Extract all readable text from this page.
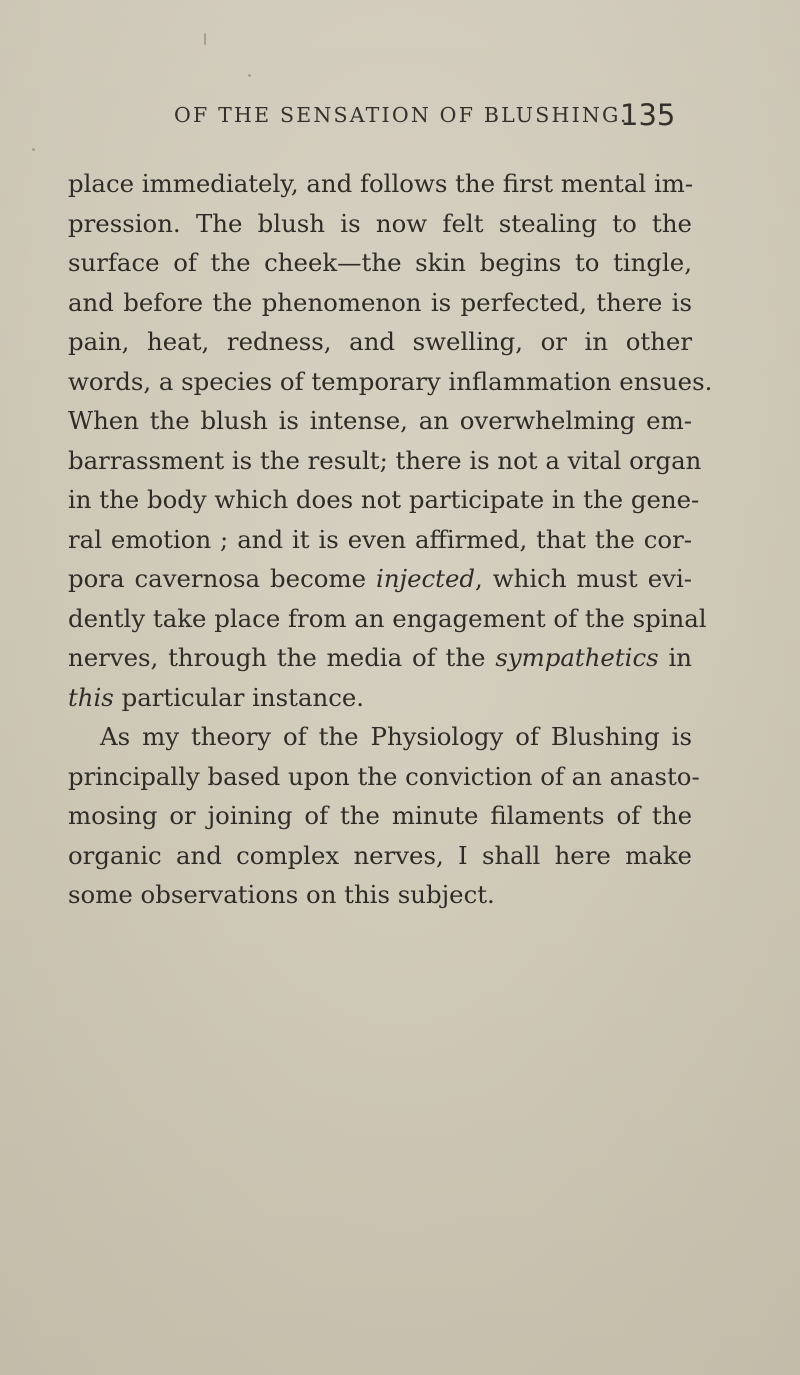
OF THE SENSATION OF BLUSHING.
135
place immediately, and follows the first mental im-
pression. The blush is now felt stealing to the
surface of the cheek—the skin begins to tingle,
and before the phenomenon is perfected, there is
pain, heat, redness, and swelling, or in other
words, a species of temporary inflammation ensues.
When the blush is intense, an overwhelming em-
barrassment is the result; there is not a vital organ
in the body which does not participate in the gene-
ral emotion ; and it is even affirmed, that the cor-
pora cavernosa become injected, which must evi-
dently take place from an engagement of the spinal
nerves, through the media of the sympathetics in
this particular instance.
As my theory of the Physiology of Blushing is
principally based upon the conviction of an anasto-
mosing or joining of the minute filaments of the
organic and complex nerves, I shall here make
some observations on this subject.
